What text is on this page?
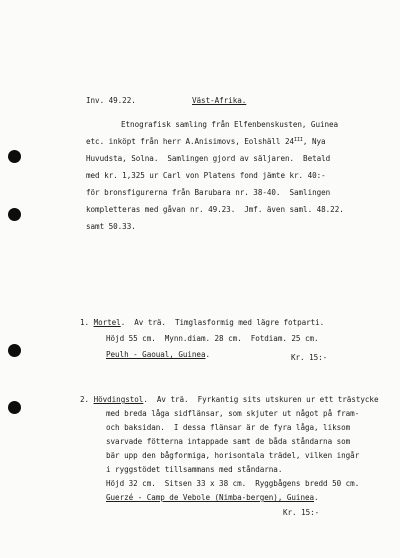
Inv. 49.22.	Väst-Afrika.
Etnografisk samling från Elfenbenskusten, Guinea
etc. inköpt från herr A.Anisimovs, Eolshäll $24^{III}$, Nya
Huvudsta, Solna.  Samlingen gjord av säljaren.  Betald
med kr. 1,325 ur Carl von Platens fond jämte kr. 40:-
för bronsfigurerna från Barubara nr. 38-40.  Samlingen
kompletteras med gåvan nr. 49.23.  Jmf. även saml. 48.22.
samt 50.33.
1. Mortel.  Av trä.  Timglasformig med lägre fotparti.
Höjd 55 cm.  Mynn.diam. 28 cm.  Fotdiam. 25 cm.
Peulh - Gaoual, Guinea.	Kr. 15:-
2. Hövdingstol.  Av trä.  Fyrkantig sits utskuren ur ett trästycke
med breda låga sidflänsar, som skjuter ut något på fram-
och baksidan.  I dessa flänsar är de fyra låga, liksom
svarvade fötterna intappade samt de båda ståndarna som
bär upp den bågformiga, horisontala trädel, vilken ingår
i ryggstödet tillsammans med ståndarna.
Höjd 32 cm.  Sitsen 33 x 38 cm.  Ryggbågens bredd 50 cm.
Guerzé - Camp de Vebole (Nimba-bergen), Guinea.
Kr. 15:-
